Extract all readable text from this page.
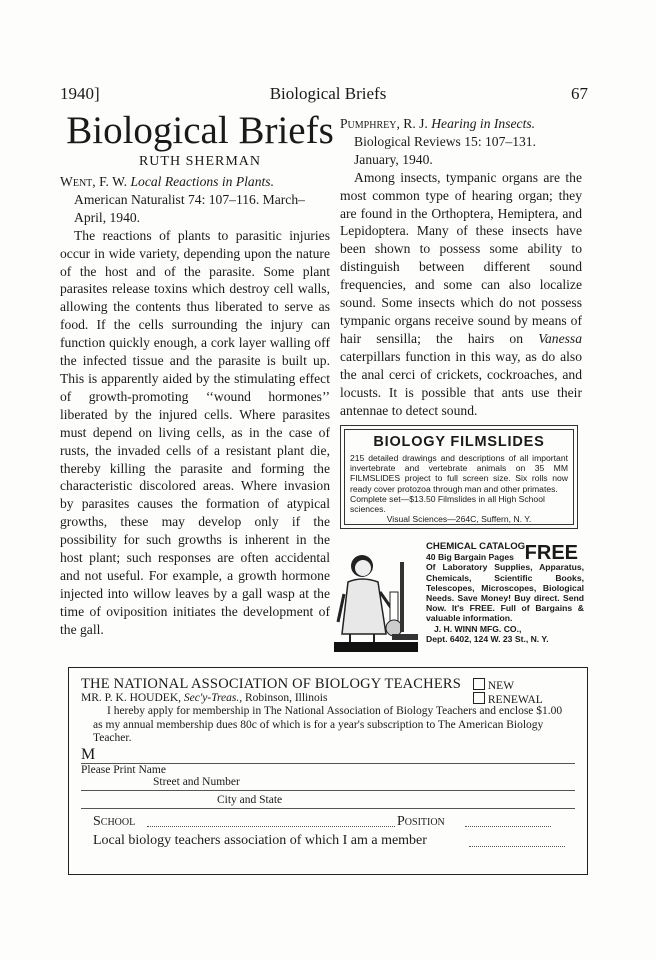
1940]	Biological Briefs	67
Biological Briefs
RUTH SHERMAN

Went, F. W. Local Reactions in Plants. American Naturalist 74: 107–116. March–April, 1940.

The reactions of plants to parasitic injuries occur in wide variety, depending upon the nature of the host and of the parasite. Some plant parasites release toxins which destroy cell walls, allowing the contents thus liberated to serve as food. If the cells surrounding the injury can function quickly enough, a cork layer walling off the infected tissue and the parasite is built up. This is apparently aided by the stimulating effect of growth-promoting ‘‘wound hormones’’ liberated by the injured cells. Where parasites must depend on living cells, as in the case of rusts, the invaded cells of a resistant plant die, thereby killing the parasite and forming the characteristic discolored areas. Where invasion by parasites causes the formation of atypical growths, these may develop only if the possibility for such growths is inherent in the host plant; such responses are often accidental and not useful. For example, a growth hormone injected into willow leaves by a gall wasp at the time of oviposition initiates the development of the gall.

Pumphrey, R. J. Hearing in Insects. Biological Reviews 15: 107–131. January, 1940.

Among insects, tympanic organs are the most common type of hearing organ; they are found in the Orthoptera, Hemiptera, and Lepidoptera. Many of these insects have been shown to possess some ability to distinguish between different sound frequencies, and some can also localize sound. Some insects which do not possess tympanic organs receive sound by means of hair sensilla; the hairs on Vanessa caterpillars function in this way, as do also the anal cerci of crickets, cockroaches, and locusts. It is possible that ants use their antennae to detect sound.

BIOLOGY FILMSLIDES
215 detailed drawings and descriptions of all important invertebrate and vertebrate animals on 35 MM FILMSLIDES project to full screen size. Six rolls now ready cover protozoa through man and other primates.
Complete set—$13.50 Filmslides in all High School sciences.
Visual Sciences—264C, Suffern, N. Y.
CHEMICAL CATALOG
40 Big Bargain Pages FREE
Of Laboratory Supplies, Apparatus, Chemicals, Scientific Books, Telescopes, Microscopes, Biological Needs. Save Money! Buy direct. Send Now. It's FREE. Full of Bargains & valuable information.
J. H. WINN MFG. CO.,
Dept. 6402, 124 W. 23 St., N. Y.
THE NATIONAL ASSOCIATION OF BIOLOGY TEACHERS	NEW
RENEWAL
MR. P. K. HOUDEK, Sec'y-Treas., Robinson, Illinois
I hereby apply for membership in The National Association of Biology Teachers and enclose $1.00 as my annual membership dues 80c of which is for a year's subscription to The American Biology Teacher.
M
Please Print Name
Street and Number
City and State
School	Position
Local biology teachers association of which I am a member
